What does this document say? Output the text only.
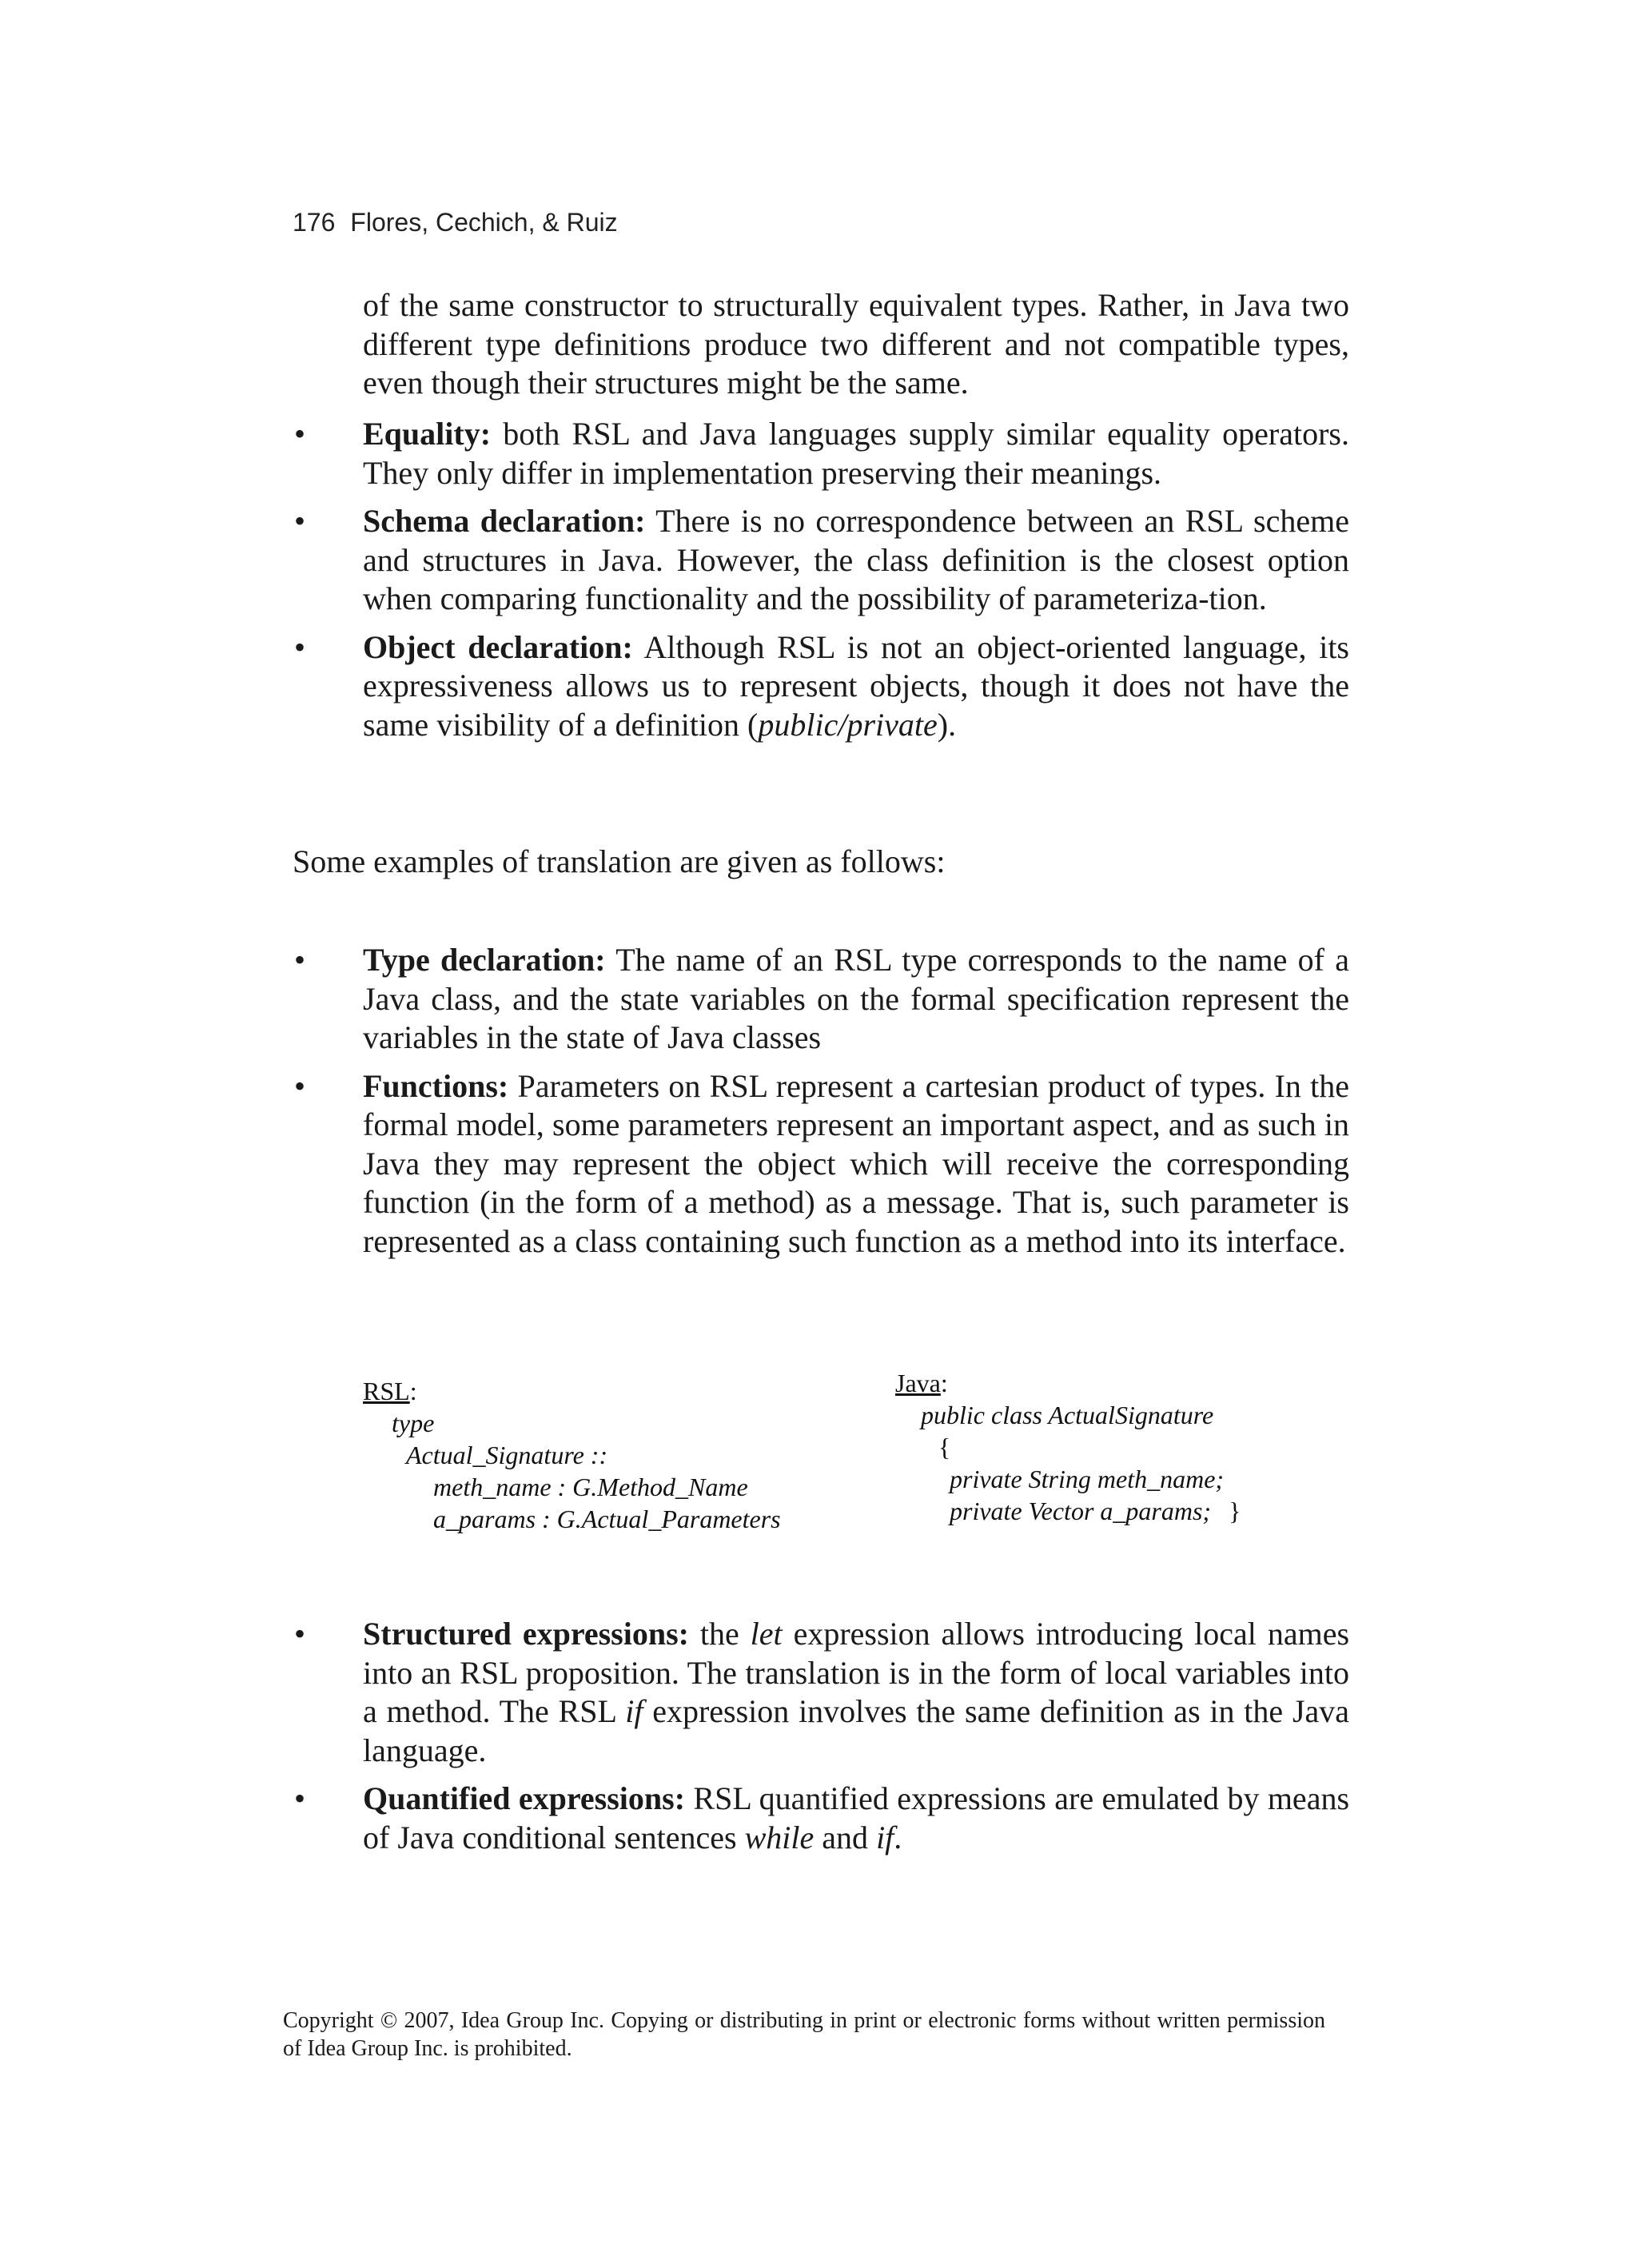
176 Flores, Cechich, & Ruiz

of the same constructor to structurally equivalent types. Rather, in Java two different type definitions produce two different and not compatible types, even though their structures might be the same.

•	Equality: both RSL and Java languages supply similar equality operators. They only differ in implementation preserving their meanings.
•	Schema declaration: There is no correspondence between an RSL scheme and structures in Java. However, the class definition is the closest option when comparing functionality and the possibility of parameteriza-tion.
•	Object declaration: Although RSL is not an object-oriented language, its expressiveness allows us to represent objects, though it does not have the same visibility of a definition (public/private).

Some examples of translation are given as follows:

•	Type declaration: The name of an RSL type corresponds to the name of a Java class, and the state variables on the formal specification represent the variables in the state of Java classes
•	Functions: Parameters on RSL represent a cartesian product of types. In the formal model, some parameters represent an important aspect, and as such in Java they may represent the object which will receive the corresponding function (in the form of a method) as a message. That is, such parameter is represented as a class containing such function as a method into its interface.
RSL:
type
Actual_Signature ::
meth_name : G.Method_Name
a_params : G.Actual_Parameters
Java:
public class ActualSignature
{
private String meth_name;
private Vector a_params; }
•	Structured expressions: the let expression allows introducing local names into an RSL proposition. The translation is in the form of local variables into a method. The RSL if expression involves the same definition as in the Java language.
•	Quantified expressions: RSL quantified expressions are emulated by means of Java conditional sentences while and if.

Copyright © 2007, Idea Group Inc. Copying or distributing in print or electronic forms without written permission of Idea Group Inc. is prohibited.
